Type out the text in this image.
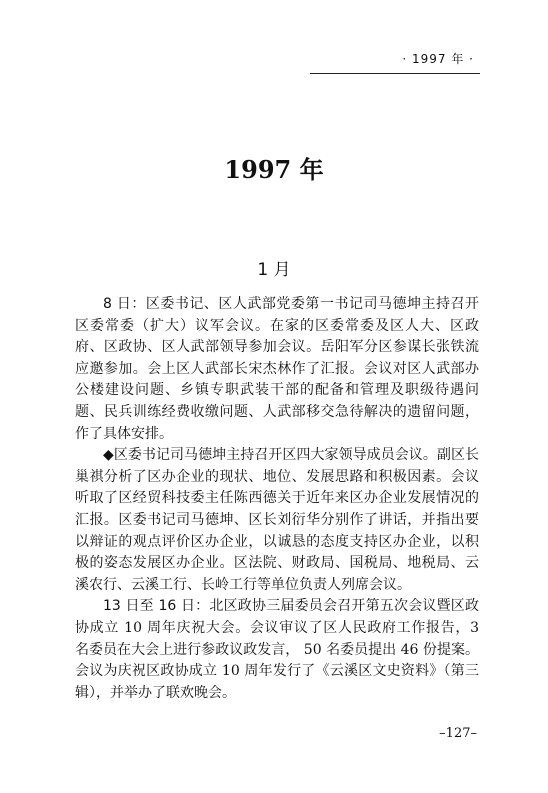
· 1997 年 ·
1997 年
1 月

8 日：区委书记、区人武部党委第一书记司马德坤主持召开区委常委（扩大）议军会议。在家的区委常委及区人大、区政府、区政协、区人武部领导参加会议。岳阳军分区参谋长张铁流应邀参加。会上区人武部长宋杰林作了汇报。会议对区人武部办公楼建设问题、乡镇专职武装干部的配备和管理及职级待遇问题、民兵训练经费收缴问题、人武部移交急待解决的遗留问题，作了具体安排。

◆区委书记司马德坤主持召开区四大家领导成员会议。副区长巢祺分析了区办企业的现状、地位、发展思路和积极因素。会议听取了区经贸科技委主任陈西德关于近年来区办企业发展情况的汇报。区委书记司马德坤、区长刘衍华分别作了讲话，并指出要以辩证的观点评价区办企业，以诚恳的态度支持区办企业，以积极的姿态发展区办企业。区法院、财政局、国税局、地税局、云溪农行、云溪工行、长岭工行等单位负责人列席会议。

13 日至 16 日：北区政协三届委员会召开第五次会议暨区政协成立 10 周年庆祝大会。会议审议了区人民政府工作报告，3 名委员在大会上进行参政议政发言， 50 名委员提出 46 份提案。会议为庆祝区政协成立 10 周年发行了《云溪区文史资料》（第三辑），并举办了联欢晚会。

–127–
